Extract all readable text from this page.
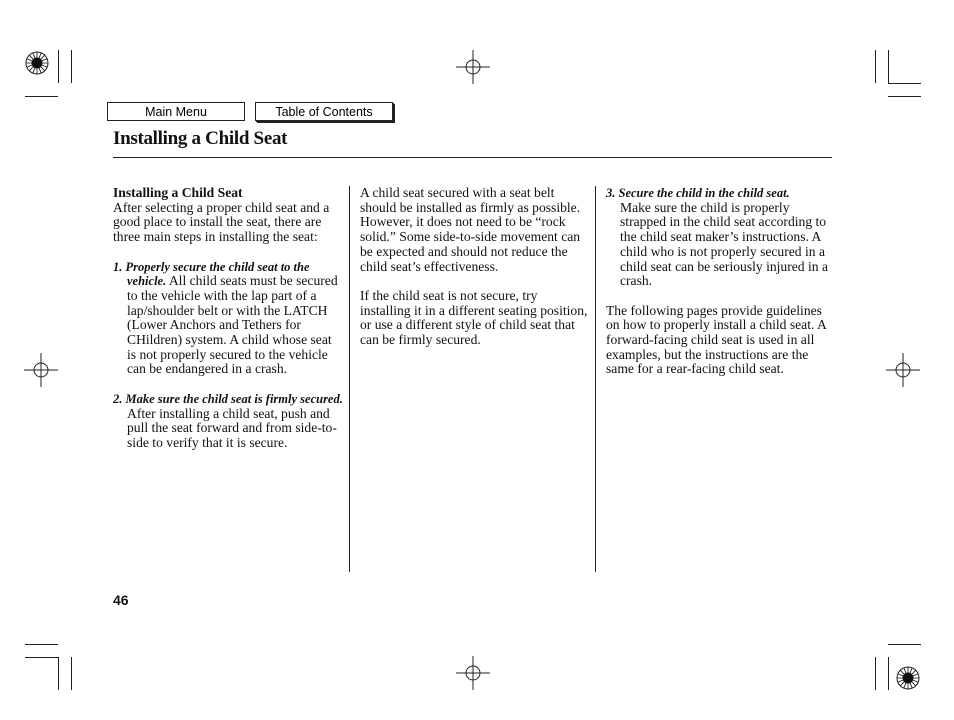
Main Menu	Table of Contents
Installing a Child Seat

Installing a Child Seat
After selecting a proper child seat and a good place to install the seat, there are three main steps in installing the seat:

1. Properly secure the child seat to the vehicle. All child seats must be secured to the vehicle with the lap part of a lap/shoulder belt or with the LATCH (Lower Anchors and Tethers for CHildren) system. A child whose seat is not properly secured to the vehicle can be endangered in a crash.

2. Make sure the child seat is firmly secured. After installing a child seat, push and pull the seat forward and from side-to-side to verify that it is secure.

A child seat secured with a seat belt should be installed as firmly as possible. However, it does not need to be “rock solid.” Some side-to-side movement can be expected and should not reduce the child seat’s effectiveness.

If the child seat is not secure, try installing it in a different seating position, or use a different style of child seat that can be firmly secured.

3. Secure the child in the child seat.

Make sure the child is properly strapped in the child seat according to the child seat maker’s instructions. A child who is not properly secured in a child seat can be seriously injured in a crash.

The following pages provide guidelines on how to properly install a child seat. A forward-facing child seat is used in all examples, but the instructions are the same for a rear-facing child seat.

46
